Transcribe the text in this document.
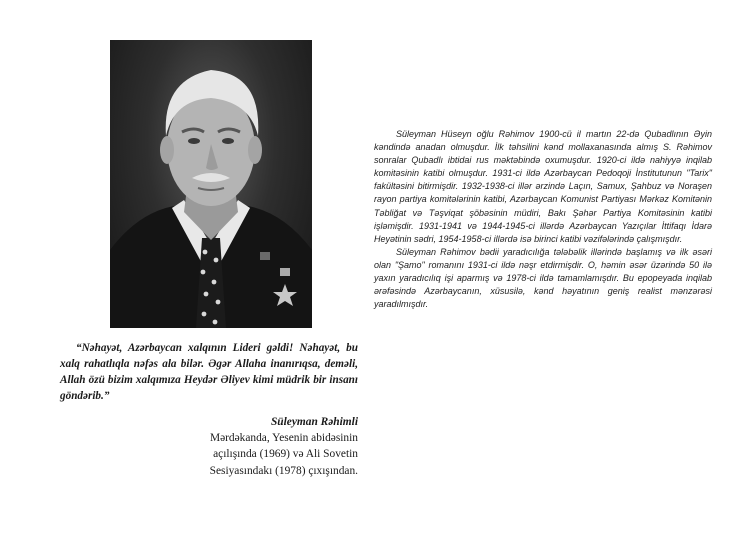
Süleyman Hüseyn oğlu Rəhimov 1900-cü il martın 22-də Qubadlının Əyin kəndində anadan olmuşdur. İlk təhsilini kənd mollaxanasında almış S. Rəhimov sonralar Qubadlı ibtidai rus məktəbində oxumuşdur. 1920-ci ildə nahiyyə inqilab komitəsinin katibi olmuşdur. 1931-ci ildə Azərbaycan Pedoqoji İnstitutunun "Tarix" fakültəsini bitirmişdir. 1932-1938-ci illər ərzində Laçın, Samux, Şahbuz və Noraşen rayon partiya komitələrinin katibi, Azərbaycan Komunist Partiyası Mərkəz Komitənin Təbliğat və Təşviqat şöbəsinin müdiri, Bakı Şəhər Partiya Komitəsinin katibi işləmişdir. 1931-1941 və 1944-1945-ci illərdə Azərbaycan Yazıçılar İttifaqı İdarə Heyətinin sədri, 1954-1958-ci illərdə isə birinci katibi vəzifələrində çalışmışdır.

Süleyman Rəhimov bədii yaradıcılığa tələbəlik illərində başlamış və ilk əsəri olan "Şamo" romanını 1931-ci ildə nəşr etdirmişdir. O, həmin əsər üzərində 50 ilə yaxın yaradıcılıq işi aparmış və 1978-ci ildə tamamlamışdır. Bu epopeyada inqilab ərəfəsində Azərbaycanın, xüsusilə, kənd həyatının geniş realist mənzərəsi yaradılmışdır.

“Nəhayət, Azərbaycan xalqının Lideri gəldi! Nəhayət, bu xalq rahatlıqla nəfəs ala bilər. Əgər Allaha inanırıqsa, deməli, Allah özü bizim xalqımıza Heydər Əliyev kimi müdrik bir insanı göndərib.”

Süleyman Rəhimli
Mərdəkanda, Yesenin abidəsinin
açılışında (1969) və Ali Sovetin
Sesiyasındakı (1978) çıxışından.
